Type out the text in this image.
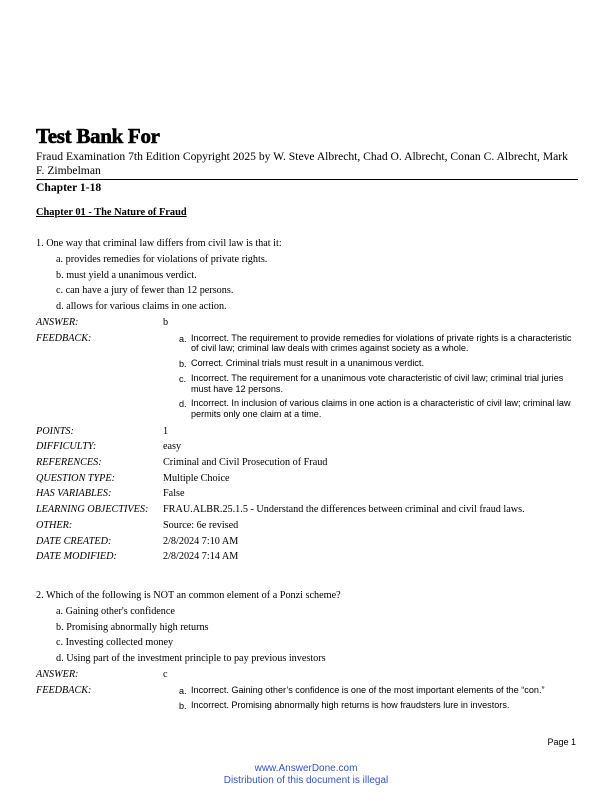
Test Bank For
Fraud Examination 7th Edition Copyright 2025 by W. Steve Albrecht, Chad O. Albrecht, Conan C. Albrecht, Mark F. Zimbelman
Chapter 1-18
Chapter 01 - The Nature of Fraud
1. One way that criminal law differs from civil law is that it:
a. provides remedies for violations of private rights.
b. must yield a unanimous verdict.
c. can have a jury of fewer than 12 persons.
d. allows for various claims in one action.
ANSWER:	b
FEEDBACK:	a. Incorrect. The requirement to provide remedies for violations of private rights is a characteristic of civil law; criminal law deals with crimes against society as a whole.
b. Correct. Criminal trials must result in a unanimous verdict.
c. Incorrect. The requirement for a unanimous vote characteristic of civil law; criminal trial juries must have 12 persons.
d. Incorrect. In inclusion of various claims in one action is a characteristic of civil law; criminal law permits only one claim at a time.
POINTS:	1
DIFFICULTY:	easy
REFERENCES:	Criminal and Civil Prosecution of Fraud
QUESTION TYPE:	Multiple Choice
HAS VARIABLES:	False
LEARNING OBJECTIVES:	FRAU.ALBR.25.1.5 - Understand the differences between criminal and civil fraud laws.
OTHER:	Source: 6e revised
DATE CREATED:	2/8/2024 7:10 AM
DATE MODIFIED:	2/8/2024 7:14 AM
2. Which of the following is NOT an common element of a Ponzi scheme?
a. Gaining other's confidence
b. Promising abnormally high returns
c. Investing collected money
d. Using part of the investment principle to pay previous investors
ANSWER:	c
FEEDBACK:	a. Incorrect. Gaining other’s confidence is one of the most important elements of the “con.”
b. Incorrect. Promising abnormally high returns is how fraudsters lure in investors.
Page 1
www.AnswerDone.com
Distribution of this document is illegal
